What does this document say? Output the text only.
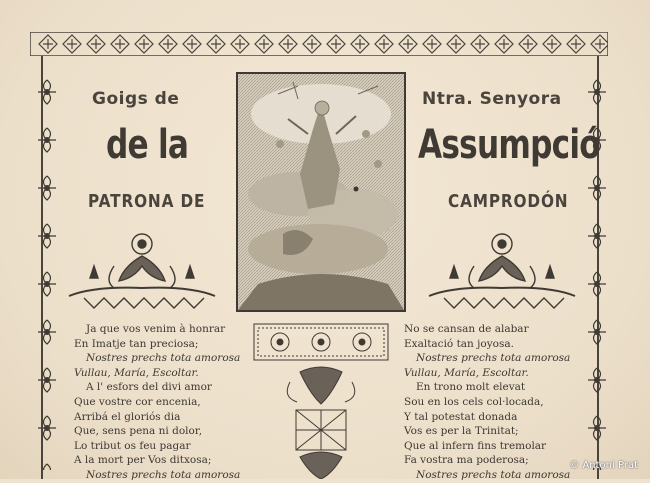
Goigs de
de la
PATRONA DE
Ntra. Senyora
Assumpció
CAMPRODÓN
Ja que vos venim à honrar
En Imatje tan preciosa;
Nostres prechs tota amorosa
Vullau, María, Escoltar.
A l' esfors del divi amor
Que vostre cor encenia,
Arribá el gloriós dia
Que, sens pena ni dolor,
Lo tribut os feu pagar
A la mort per Vos ditxosa;
Nostres prechs tota amorosa
No se cansan de alabar
Exaltació tan joyosa.
Nostres prechs tota amorosa
Vullau, María, Escoltar.
En trono molt elevat
Sou en los cels col·locada,
Y tal potestat donada
Vos es per la Trinitat;
Que al infern fins tremolar
Fa vostra ma poderosa;
Nostres prechs tota amorosa
© Antoni Prat
